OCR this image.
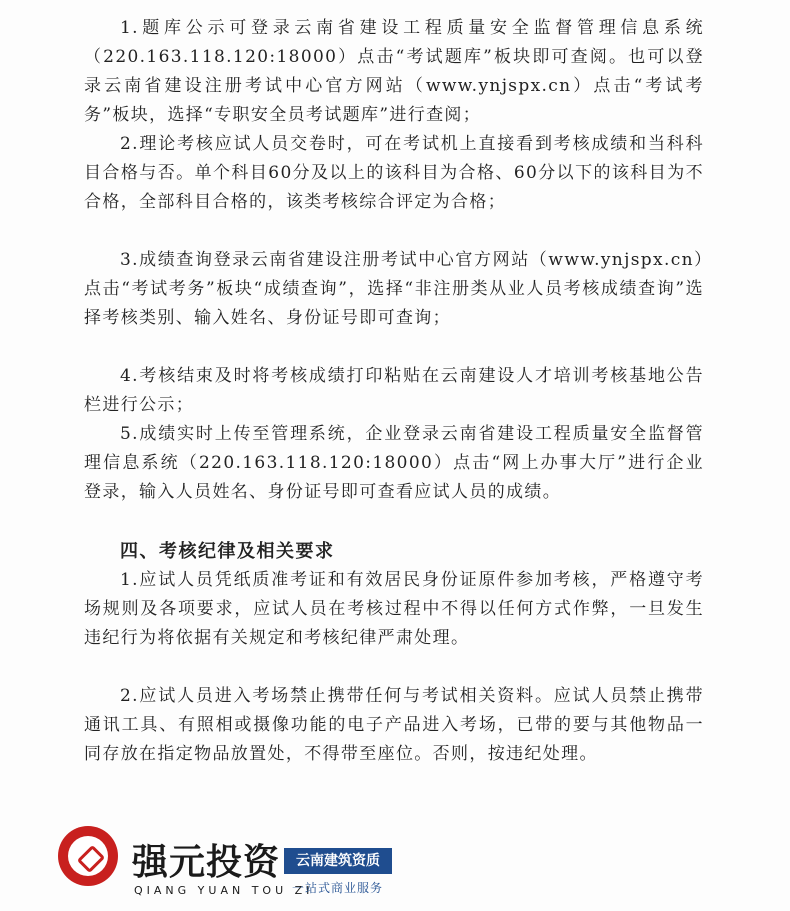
1.题库公示可登录云南省建设工程质量安全监督管理信息系统（220.163.118.120:18000）点击“考试题库”板块即可查阅。也可以登录云南省建设注册考试中心官方网站（www.ynjspx.cn）点击“考试考务”板块，选择“专职安全员考试题库”进行查阅；

2.理论考核应试人员交卷时，可在考试机上直接看到考核成绩和当科科目合格与否。单个科目60分及以上的该科目为合格、60分以下的该科目为不合格，全部科目合格的，该类考核综合评定为合格；

3.成绩查询登录云南省建设注册考试中心官方网站（www.ynjspx.cn）点击“考试考务”板块“成绩查询”，选择“非注册类从业人员考核成绩查询”选择考核类别、输入姓名、身份证号即可查询；

4.考核结束及时将考核成绩打印粘贴在云南建设人才培训考核基地公告栏进行公示；

5.成绩实时上传至管理系统，企业登录云南省建设工程质量安全监督管理信息系统（220.163.118.120:18000）点击“网上办事大厅”进行企业登录，输入人员姓名、身份证号即可查看应试人员的成绩。

四、考核纪律及相关要求

1.应试人员凭纸质准考证和有效居民身份证原件参加考核，严格遵守考场规则及各项要求，应试人员在考核过程中不得以任何方式作弊，一旦发生违纪行为将依据有关规定和考核纪律严肃处理。

2.应试人员进入考场禁止携带任何与考试相关资料。应试人员禁止携带通讯工具、有照相或摄像功能的电子产品进入考场，已带的要与其他物品一同存放在指定物品放置处，不得带至座位。否则，按违纪处理。

强元投资
QIANG YUAN TOU ZI
云南建筑资质
一站式商业服务
